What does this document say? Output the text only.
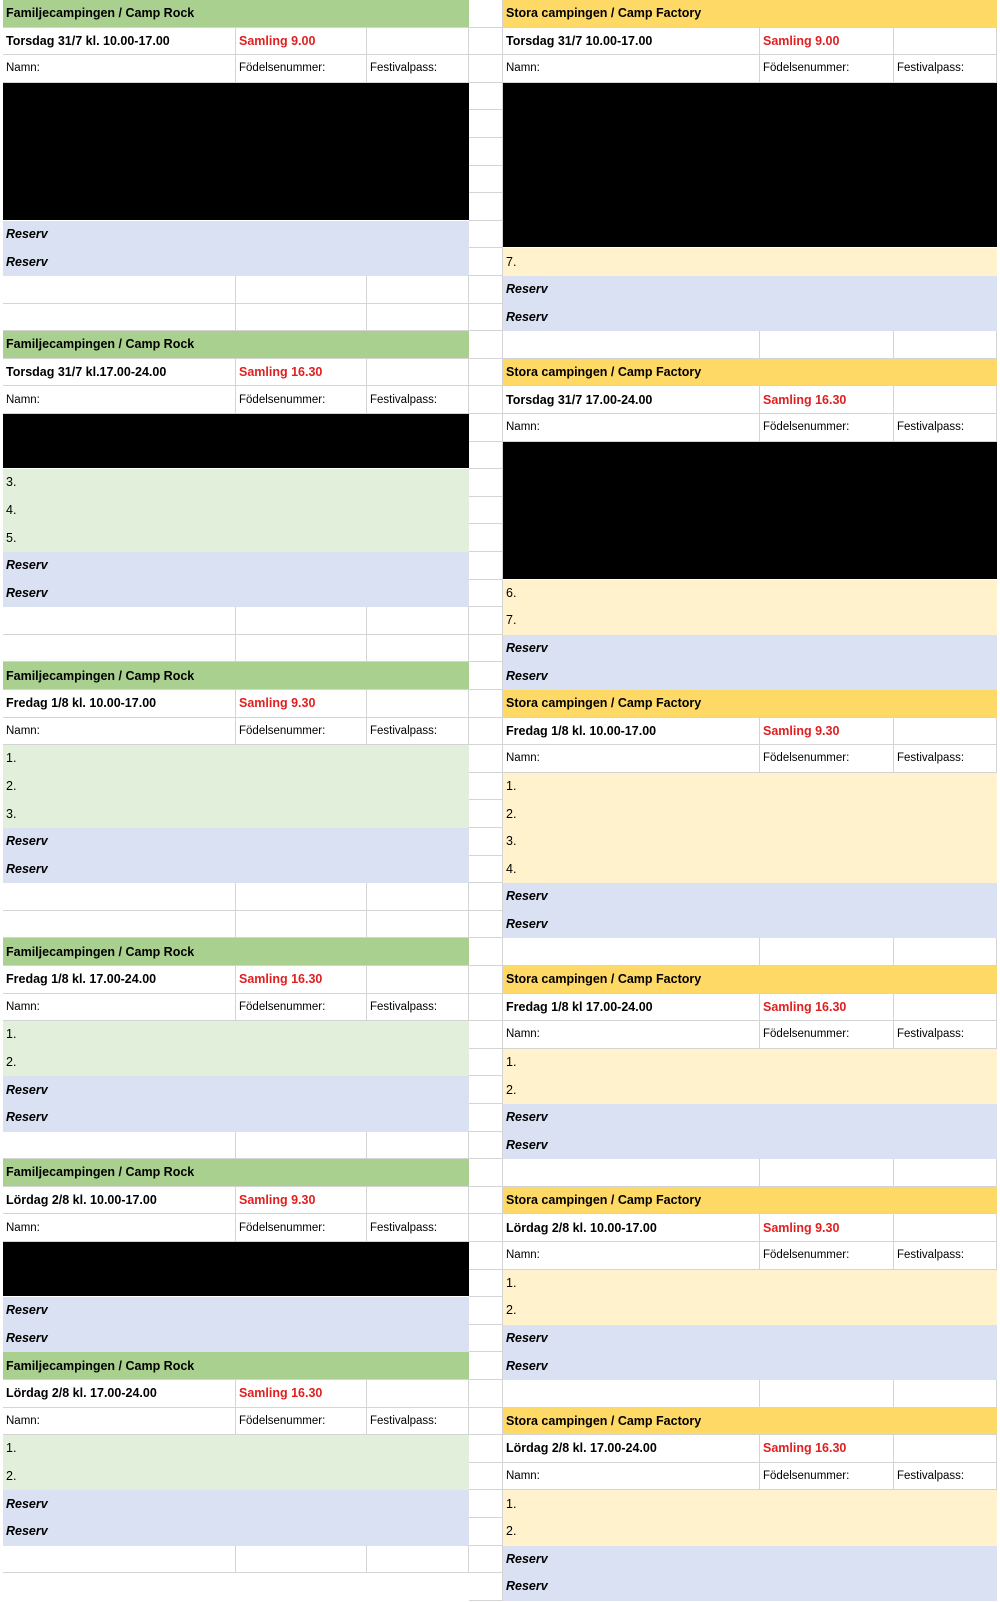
Familjecampingen / Camp Rock
Torsdag 31/7 kl. 10.00-17.00	Samling 9.00
Namn:	Födelsenummer:	Festivalpass:
Reserv
Reserv
Familjecampingen / Camp Rock
Torsdag 31/7 kl.17.00-24.00	Samling 16.30
Namn:	Födelsenummer:	Festivalpass:
3.
4.
5.
Reserv
Reserv
Familjecampingen / Camp Rock
Fredag 1/8 kl. 10.00-17.00	Samling 9.30
Namn:	Födelsenummer:	Festivalpass:
1.
2.
3.
Reserv
Reserv
Familjecampingen / Camp Rock
Fredag 1/8 kl. 17.00-24.00	Samling 16.30
Namn:	Födelsenummer:	Festivalpass:
1.
2.
Reserv
Reserv
Familjecampingen / Camp Rock
Lördag 2/8 kl. 10.00-17.00	Samling 9.30
Namn:	Födelsenummer:	Festivalpass:
Reserv
Reserv
Familjecampingen / Camp Rock
Lördag 2/8 kl. 17.00-24.00	Samling 16.30
Namn:	Födelsenummer:	Festivalpass:
1.
2.
Reserv
Reserv
Stora campingen / Camp Factory
Torsdag 31/7 10.00-17.00	Samling 9.00
Namn:	Födelsenummer:	Festivalpass:
7.
Reserv
Reserv
Stora campingen / Camp Factory
Torsdag 31/7 17.00-24.00	Samling 16.30
Namn:	Födelsenummer:	Festivalpass:
6.
7.
Reserv
Reserv
Stora campingen / Camp Factory
Fredag 1/8 kl. 10.00-17.00	Samling 9.30
Namn:	Födelsenummer:	Festivalpass:
1.
2.
3.
4.
Reserv
Reserv
Stora campingen / Camp Factory
Fredag 1/8 kl 17.00-24.00	Samling 16.30
Namn:	Födelsenummer:	Festivalpass:
1.
2.
Reserv
Reserv
Stora campingen / Camp Factory
Lördag 2/8 kl. 10.00-17.00	Samling 9.30
Namn:	Födelsenummer:	Festivalpass:
1.
2.
Reserv
Reserv
Stora campingen / Camp Factory
Lördag 2/8 kl. 17.00-24.00	Samling 16.30
Namn:	Födelsenummer:	Festivalpass:
1.
2.
Reserv
Reserv
